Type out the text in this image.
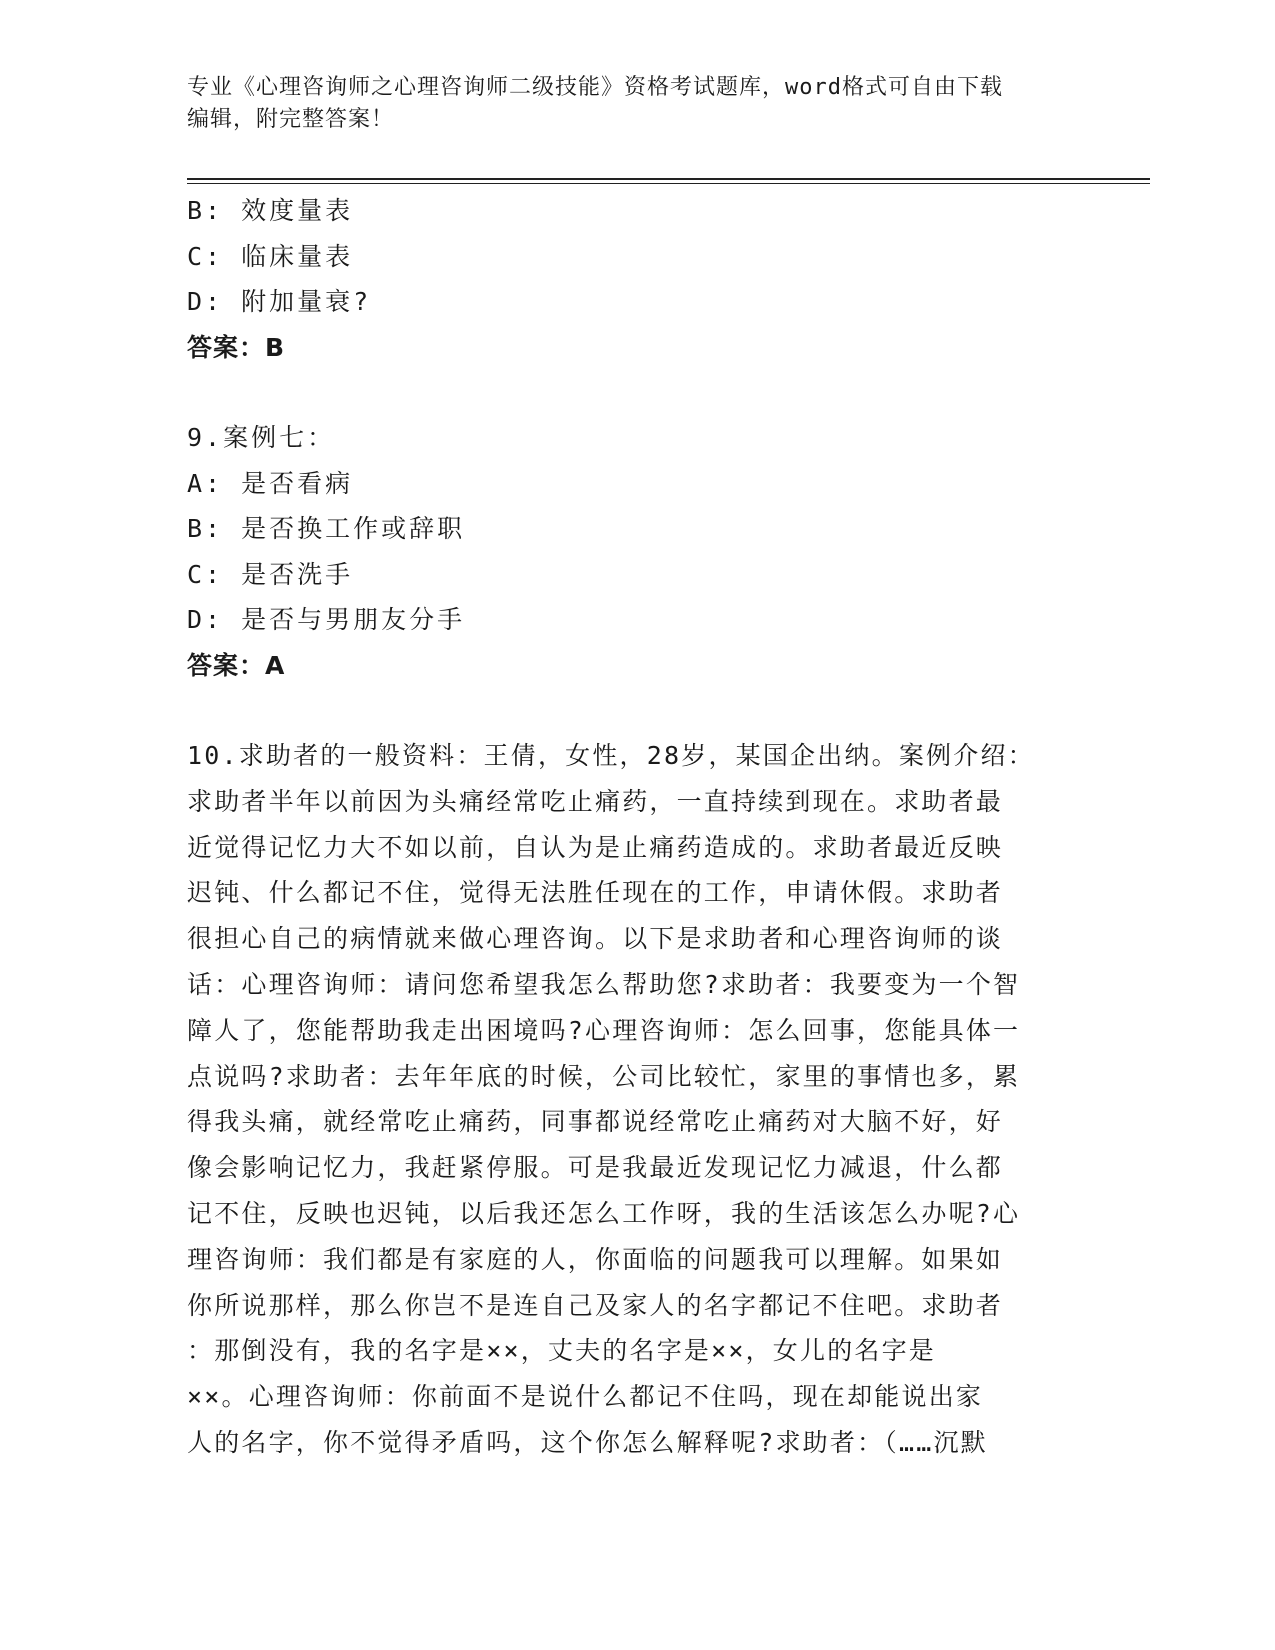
专业《心理咨询师之心理咨询师二级技能》资格考试题库，word格式可自由下载
编辑，附完整答案！
B: 效度量表
C: 临床量表
D: 附加量衰?
答案：B
9.案例七：
A: 是否看病
B: 是否换工作或辞职
C: 是否洗手
D: 是否与男朋友分手
答案：A
10.求助者的一般资料：王倩，女性，28岁，某国企出纳。案例介绍：
求助者半年以前因为头痛经常吃止痛药，一直持续到现在。求助者最
近觉得记忆力大不如以前，自认为是止痛药造成的。求助者最近反映
迟钝、什么都记不住，觉得无法胜任现在的工作，申请休假。求助者
很担心自己的病情就来做心理咨询。以下是求助者和心理咨询师的谈
话：心理咨询师：请问您希望我怎么帮助您?求助者：我要变为一个智
障人了，您能帮助我走出困境吗?心理咨询师：怎么回事，您能具体一
点说吗?求助者：去年年底的时候，公司比较忙，家里的事情也多，累
得我头痛，就经常吃止痛药，同事都说经常吃止痛药对大脑不好，好
像会影响记忆力，我赶紧停服。可是我最近发现记忆力减退，什么都
记不住，反映也迟钝，以后我还怎么工作呀，我的生活该怎么办呢?心
理咨询师：我们都是有家庭的人，你面临的问题我可以理解。如果如
你所说那样，那么你岂不是连自己及家人的名字都记不住吧。求助者
：那倒没有，我的名字是××，丈夫的名字是××，女儿的名字是
××。心理咨询师：你前面不是说什么都记不住吗，现在却能说出家
人的名字，你不觉得矛盾吗，这个你怎么解释呢?求助者：（……沉默
